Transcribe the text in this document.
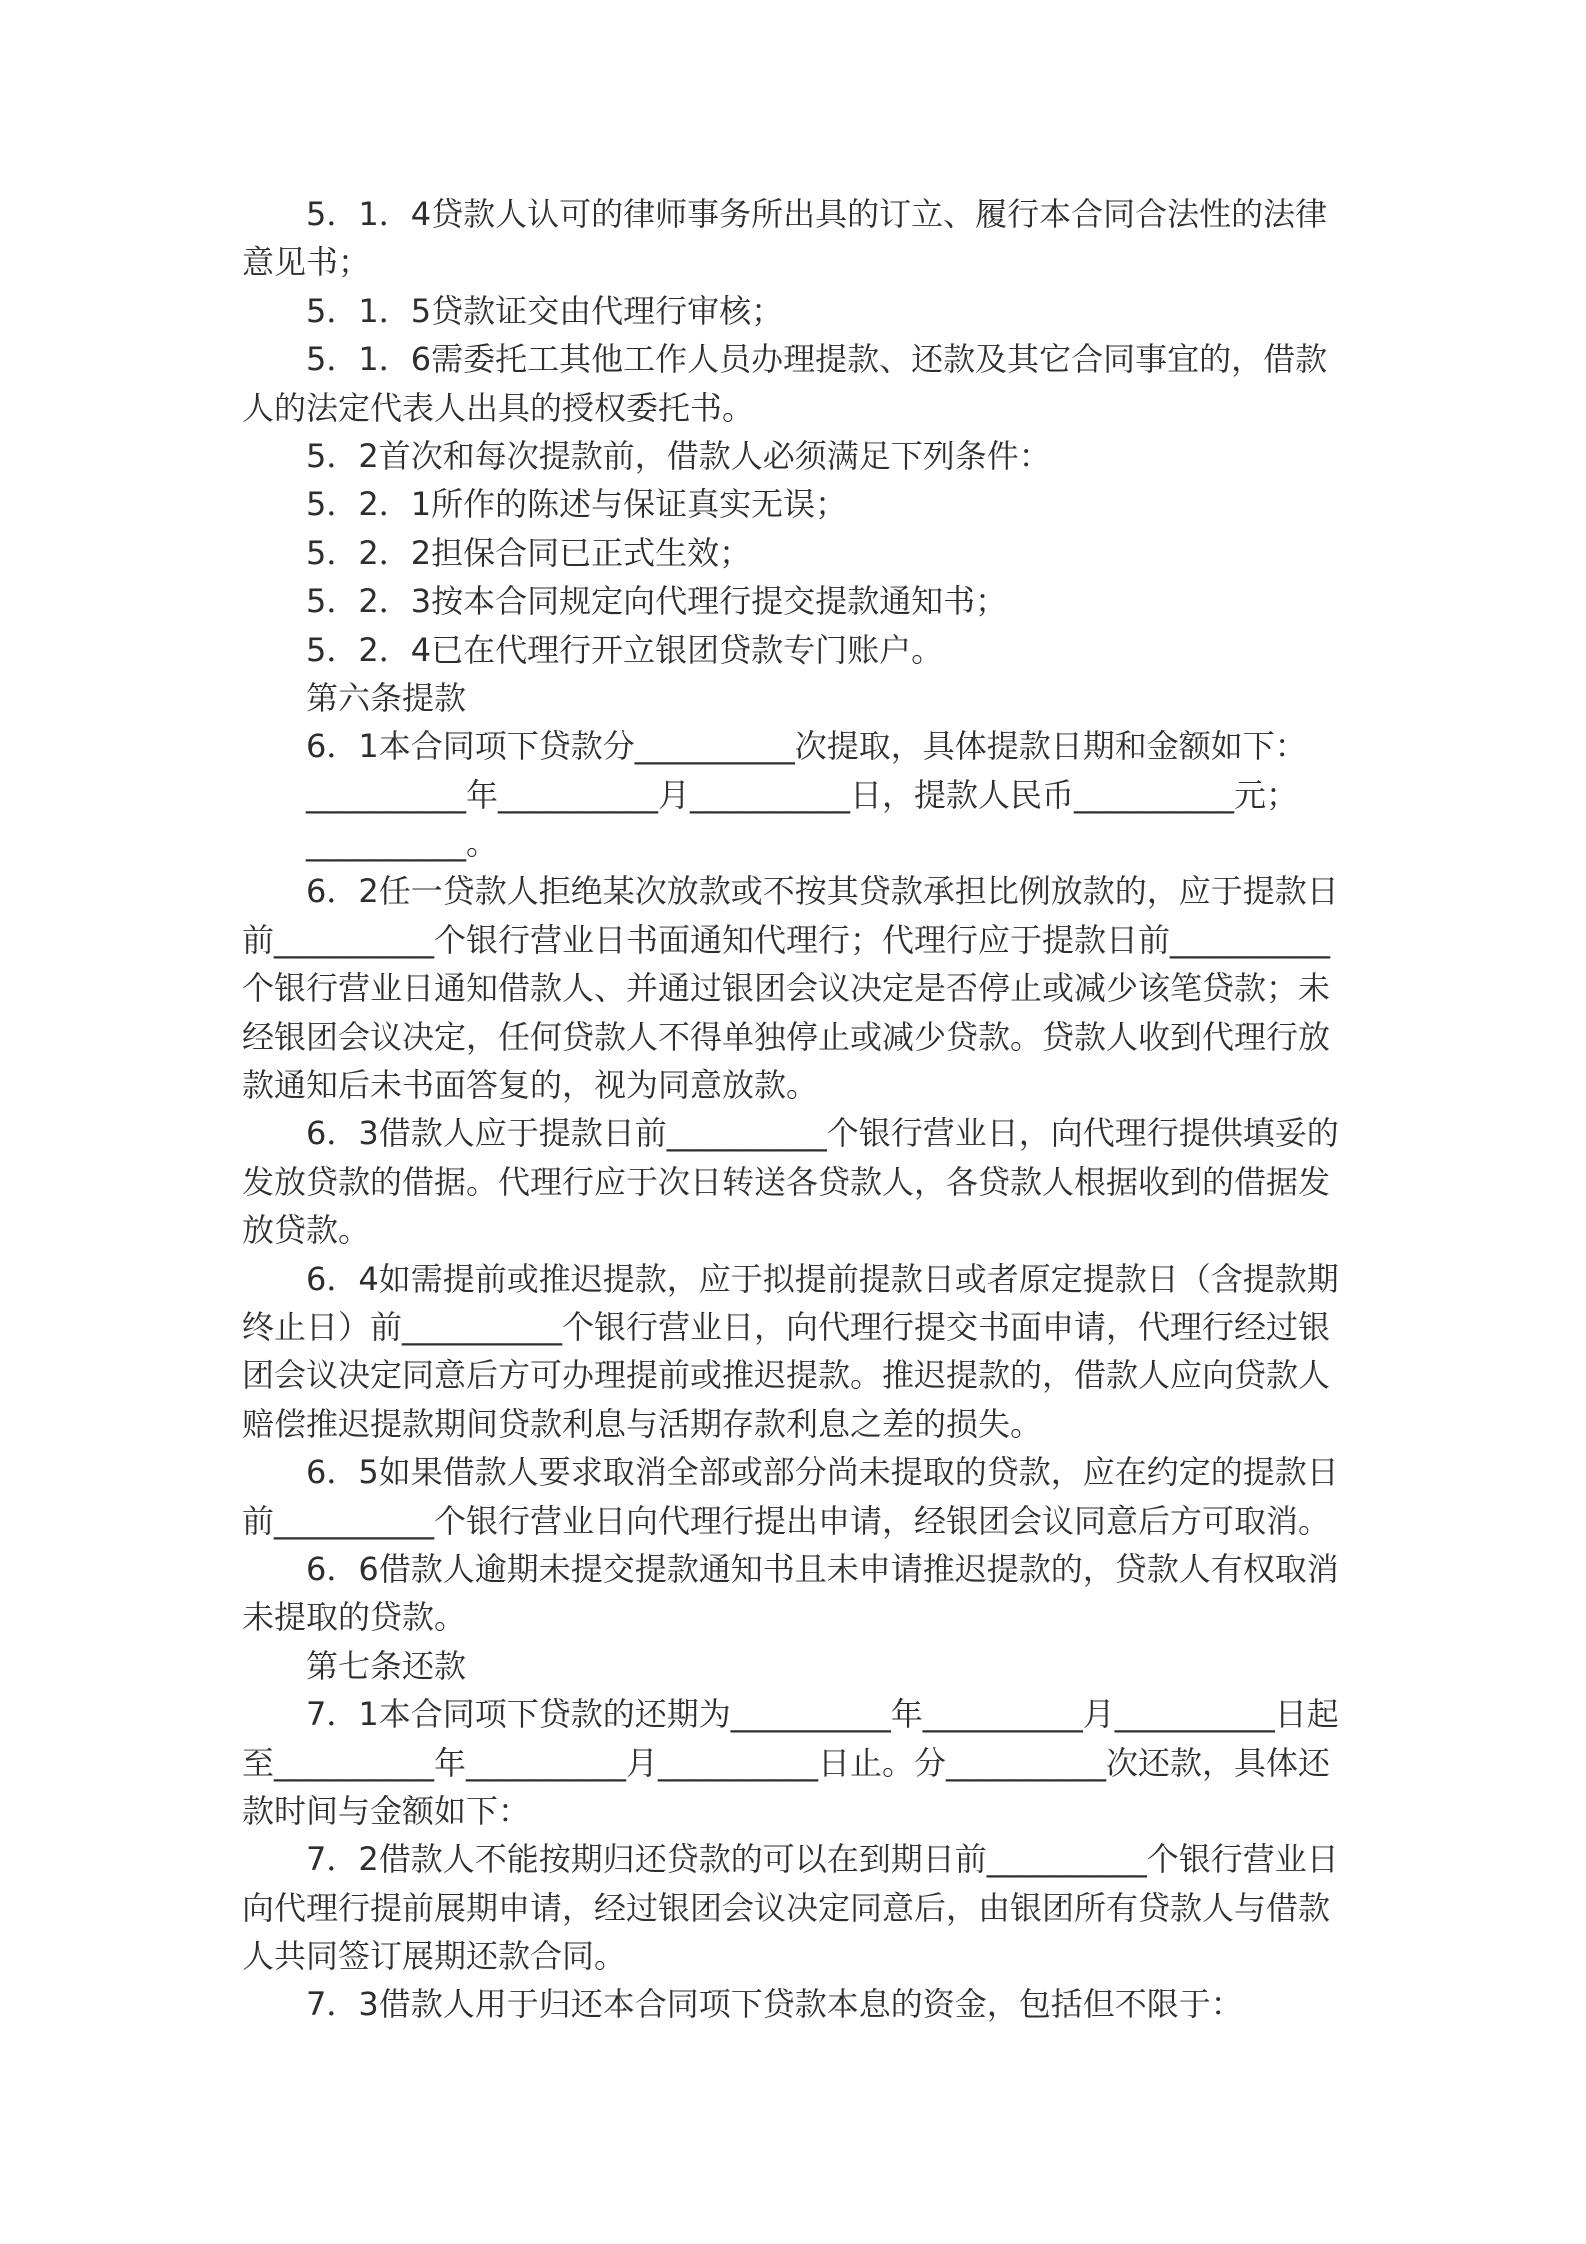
5．1．4贷款人认可的律师事务所出具的订立、履行本合同合法性的法律
意见书；
5．1．5贷款证交由代理行审核；
5．1．6需委托工其他工作人员办理提款、还款及其它合同事宜的，借款
人的法定代表人出具的授权委托书。
5．2首次和每次提款前，借款人必须满足下列条件：
5．2．1所作的陈述与保证真实无误；
5．2．2担保合同已正式生效；
5．2．3按本合同规定向代理行提交提款通知书；
5．2．4已在代理行开立银团贷款专门账户。
第六条提款
6．1本合同项下贷款分__________次提取，具体提款日期和金额如下：
__________年__________月__________日，提款人民币__________元；
__________。
6．2任一贷款人拒绝某次放款或不按其贷款承担比例放款的，应于提款日
前__________个银行营业日书面通知代理行；代理行应于提款日前__________
个银行营业日通知借款人、并通过银团会议决定是否停止或减少该笔贷款；未
经银团会议决定，任何贷款人不得单独停止或减少贷款。贷款人收到代理行放
款通知后未书面答复的，视为同意放款。
6．3借款人应于提款日前__________个银行营业日，向代理行提供填妥的
发放贷款的借据。代理行应于次日转送各贷款人，各贷款人根据收到的借据发
放贷款。
6．4如需提前或推迟提款，应于拟提前提款日或者原定提款日（含提款期
终止日）前__________个银行营业日，向代理行提交书面申请，代理行经过银
团会议决定同意后方可办理提前或推迟提款。推迟提款的，借款人应向贷款人
赔偿推迟提款期间贷款利息与活期存款利息之差的损失。
6．5如果借款人要求取消全部或部分尚未提取的贷款，应在约定的提款日
前__________个银行营业日向代理行提出申请，经银团会议同意后方可取消。
6．6借款人逾期未提交提款通知书且未申请推迟提款的，贷款人有权取消
未提取的贷款。
第七条还款
7．1本合同项下贷款的还期为__________年__________月__________日起
至__________年__________月__________日止。分__________次还款，具体还
款时间与金额如下：
7．2借款人不能按期归还贷款的可以在到期日前__________个银行营业日
向代理行提前展期申请，经过银团会议决定同意后，由银团所有贷款人与借款
人共同签订展期还款合同。
7．3借款人用于归还本合同项下贷款本息的资金，包括但不限于：
